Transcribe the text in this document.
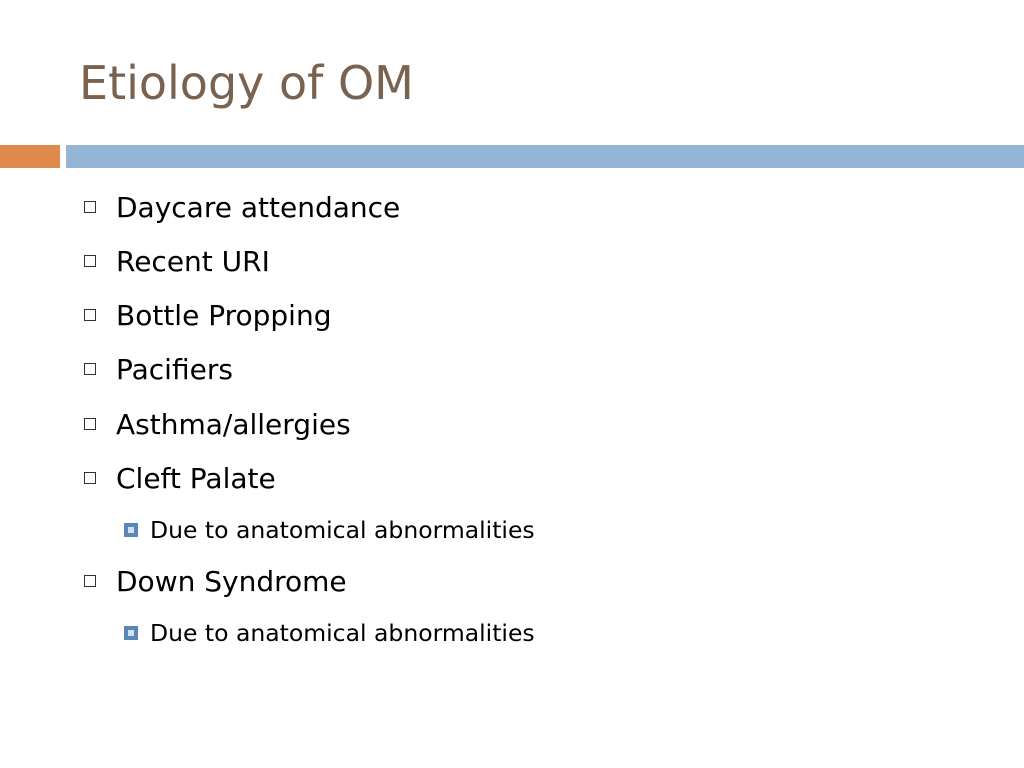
Etiology of OM
Daycare attendance
Recent URI
Bottle Propping
Pacifiers
Asthma/allergies
Cleft Palate
Due to anatomical abnormalities
Down Syndrome
Due to anatomical abnormalities
